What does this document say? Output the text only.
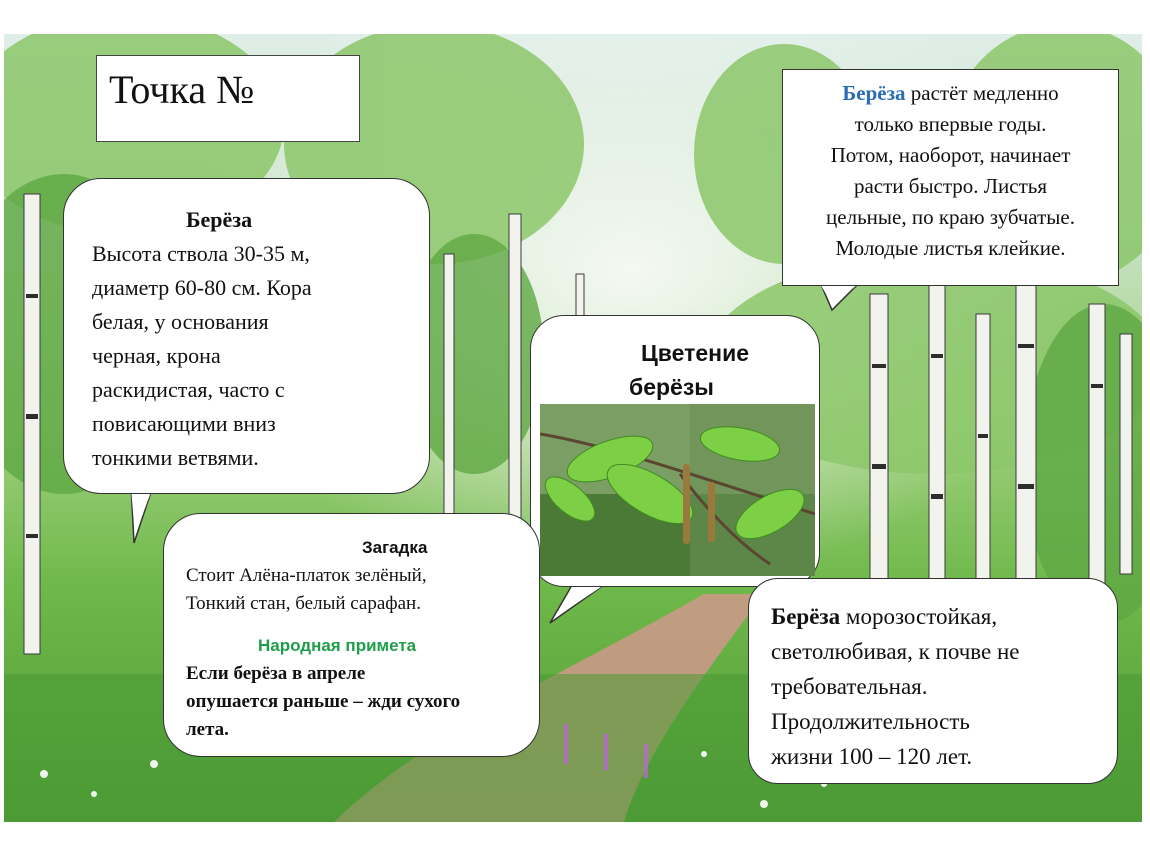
Точка №
Берёза
Высота ствола 30-35 м,
диаметр 60-80 см. Кора
белая, у основания
черная, крона
раскидистая, часто с
повисающими вниз
тонкими ветвями.
Берёза растёт медленно
только впервые годы.
Потом, наоборот, начинает
расти быстро. Листья
цельные, по краю зубчатые.
Молодые листья клейкие.
Цветение
берёзы
Загадка
Стоит Алёна-платок зелёный,
Тонкий стан, белый сарафан.
Народная примета
Если берёза в апреле
опушается раньше – жди сухого
лета.
Берёза морозостойкая,
светолюбивая, к почве не
требовательная.
Продолжительность
жизни 100 – 120 лет.
